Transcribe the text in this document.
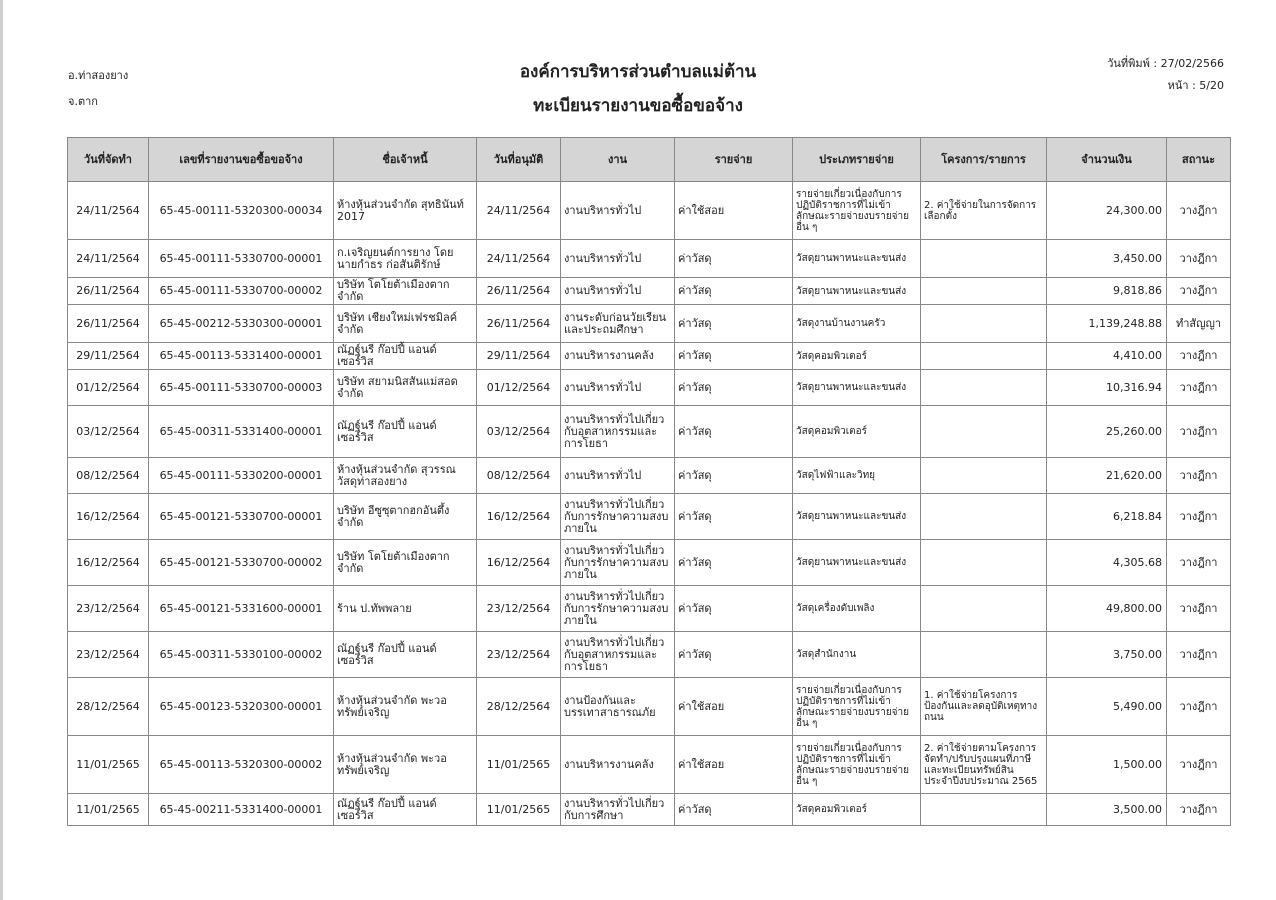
อ.ท่าสองยาง
จ.ตาก
องค์การบริหารส่วนตำบลแม่ต้าน
ทะเบียนรายงานขอซื้อขอจ้าง
วันที่พิมพ์ : 27/02/2566
หน้า : 5/20
วันที่จัดทำ	เลขที่รายงานขอซื้อขอจ้าง	ชื่อเจ้าหนี้	วันที่อนุมัติ	งาน	รายจ่าย	ประเภทรายจ่าย	โครงการ/รายการ	จำนวนเงิน	สถานะ
24/11/2564	65-45-00111-5320300-00034	ห้างหุ้นส่วนจำกัด สุทธินันท์ 2017	24/11/2564	งานบริหารทั่วไป	ค่าใช้สอย	รายจ่ายเกี่ยวเนื่องกับการปฏิบัติราชการที่ไม่เข้าลักษณะรายจ่ายงบรายจ่ายอื่น ๆ	2. ค่าใช้จ่ายในการจัดการเลือกตั้ง	24,300.00	วางฎีกา
24/11/2564	65-45-00111-5330700-00001	ก.เจริญยนต์การยาง โดย นายกำธร ก่อสันติรักษ์	24/11/2564	งานบริหารทั่วไป	ค่าวัสดุ	วัสดุยานพาหนะและขนส่ง		3,450.00	วางฎีกา
26/11/2564	65-45-00111-5330700-00002	บริษัท โตโยต้าเมืองตาก จำกัด	26/11/2564	งานบริหารทั่วไป	ค่าวัสดุ	วัสดุยานพาหนะและขนส่ง		9,818.86	วางฎีกา
26/11/2564	65-45-00212-5330300-00001	บริษัท เชียงใหม่เฟรชมิลค์ จำกัด	26/11/2564	งานระดับก่อนวัยเรียนและประถมศึกษา	ค่าวัสดุ	วัสดุงานบ้านงานครัว		1,139,248.88	ทำสัญญา
29/11/2564	65-45-00113-5331400-00001	ณัฏฐ์นรี ก๊อปปี้ แอนด์ เซอร์วิส	29/11/2564	งานบริหารงานคลัง	ค่าวัสดุ	วัสดุคอมพิวเตอร์		4,410.00	วางฎีกา
01/12/2564	65-45-00111-5330700-00003	บริษัท สยามนิสสันแม่สอด จำกัด	01/12/2564	งานบริหารทั่วไป	ค่าวัสดุ	วัสดุยานพาหนะและขนส่ง		10,316.94	วางฎีกา
03/12/2564	65-45-00311-5331400-00001	ณัฏฐ์นรี ก๊อปปี้ แอนด์ เซอร์วิส	03/12/2564	งานบริหารทั่วไปเกี่ยวกับอุตสาหกรรมและการโยธา	ค่าวัสดุ	วัสดุคอมพิวเตอร์		25,260.00	วางฎีกา
08/12/2564	65-45-00111-5330200-00001	ห้างหุ้นส่วนจำกัด สุวรรณวัสดุท่าสองยาง	08/12/2564	งานบริหารทั่วไป	ค่าวัสดุ	วัสดุไฟฟ้าและวิทยุ		21,620.00	วางฎีกา
16/12/2564	65-45-00121-5330700-00001	บริษัท อีซูซุตากฮกอันตึ้ง จำกัด	16/12/2564	งานบริหารทั่วไปเกี่ยวกับการรักษาความสงบภายใน	ค่าวัสดุ	วัสดุยานพาหนะและขนส่ง		6,218.84	วางฎีกา
16/12/2564	65-45-00121-5330700-00002	บริษัท โตโยต้าเมืองตาก จำกัด	16/12/2564	งานบริหารทั่วไปเกี่ยวกับการรักษาความสงบภายใน	ค่าวัสดุ	วัสดุยานพาหนะและขนส่ง		4,305.68	วางฎีกา
23/12/2564	65-45-00121-5331600-00001	ร้าน ป.ทัพพลาย	23/12/2564	งานบริหารทั่วไปเกี่ยวกับการรักษาความสงบภายใน	ค่าวัสดุ	วัสดุเครื่องดับเพลิง		49,800.00	วางฎีกา
23/12/2564	65-45-00311-5330100-00002	ณัฏฐ์นรี ก๊อปปี้ แอนด์ เซอร์วิส	23/12/2564	งานบริหารทั่วไปเกี่ยวกับอุตสาหกรรมและการโยธา	ค่าวัสดุ	วัสดุสำนักงาน		3,750.00	วางฎีกา
28/12/2564	65-45-00123-5320300-00001	ห้างหุ้นส่วนจำกัด พะวอ ทรัพย์เจริญ	28/12/2564	งานป้องกันและบรรเทาสาธารณภัย	ค่าใช้สอย	รายจ่ายเกี่ยวเนื่องกับการปฏิบัติราชการที่ไม่เข้าลักษณะรายจ่ายงบรายจ่ายอื่น ๆ	1. ค่าใช้จ่ายโครงการป้องกันและลดอุบัติเหตุทางถนน	5,490.00	วางฎีกา
11/01/2565	65-45-00113-5320300-00002	ห้างหุ้นส่วนจำกัด พะวอ ทรัพย์เจริญ	11/01/2565	งานบริหารงานคลัง	ค่าใช้สอย	รายจ่ายเกี่ยวเนื่องกับการปฏิบัติราชการที่ไม่เข้าลักษณะรายจ่ายงบรายจ่ายอื่น ๆ	2. ค่าใช้จ่ายตามโครงการจัดทำ/ปรับปรุงแผนที่ภาษีและทะเบียนทรัพย์สิน ประจำปีงบประมาณ 2565	1,500.00	วางฎีกา
11/01/2565	65-45-00211-5331400-00001	ณัฏฐ์นรี ก๊อปปี้ แอนด์ เซอร์วิส	11/01/2565	งานบริหารทั่วไปเกี่ยวกับการศึกษา	ค่าวัสดุ	วัสดุคอมพิวเตอร์		3,500.00	วางฎีกา
